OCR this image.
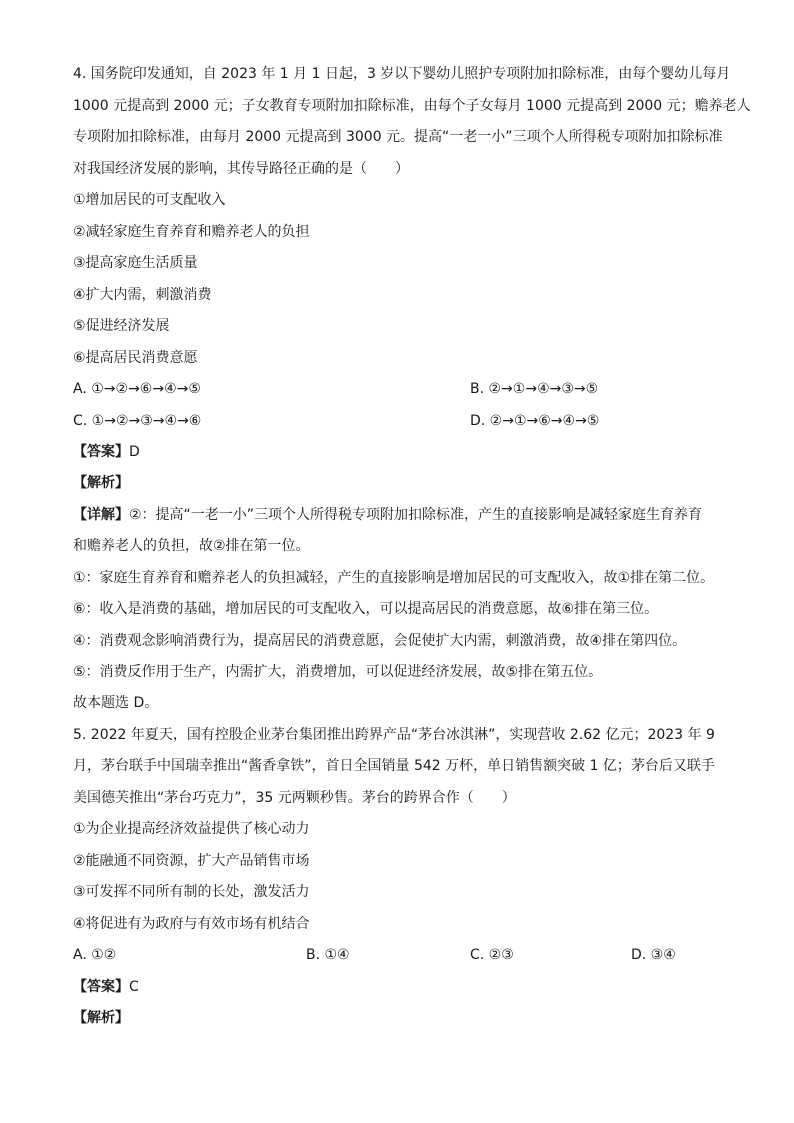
4. 国务院印发通知，自 2023 年 1 月 1 日起，3 岁以下婴幼儿照护专项附加扣除标准，由每个婴幼儿每月
1000 元提高到 2000 元；子女教育专项附加扣除标准，由每个子女每月 1000 元提高到 2000 元；赡养老人
专项附加扣除标准，由每月 2000 元提高到 3000 元。提高“一老一小”三项个人所得税专项附加扣除标准
对我国经济发展的影响，其传导路径正确的是（　　）
①增加居民的可支配收入
②减轻家庭生育养育和赡养老人的负担
③提高家庭生活质量
④扩大内需，刺激消费
⑤促进经济发展
⑥提高居民消费意愿
A. ①→②→⑥→④→⑤	B. ②→①→④→③→⑤
C. ①→②→③→④→⑥	D. ②→①→⑥→④→⑤
【答案】D
【解析】
【详解】②：提高“一老一小”三项个人所得税专项附加扣除标准，产生的直接影响是减轻家庭生育养育
和赡养老人的负担，故②排在第一位。
①：家庭生育养育和赡养老人的负担减轻，产生的直接影响是增加居民的可支配收入，故①排在第二位。
⑥：收入是消费的基础，增加居民的可支配收入，可以提高居民的消费意愿，故⑥排在第三位。
④：消费观念影响消费行为，提高居民的消费意愿，会促使扩大内需，刺激消费，故④排在第四位。
⑤：消费反作用于生产，内需扩大，消费增加，可以促进经济发展，故⑤排在第五位。
故本题选 D。
5. 2022 年夏天，国有控股企业茅台集团推出跨界产品“茅台冰淇淋”，实现营收 2.62 亿元；2023 年 9
月，茅台联手中国瑞幸推出“酱香拿铁”，首日全国销量 542 万杯，单日销售额突破 1 亿；茅台后又联手
美国德芙推出“茅台巧克力”，35 元两颗秒售。茅台的跨界合作（　　）
①为企业提高经济效益提供了核心动力
②能融通不同资源，扩大产品销售市场
③可发挥不同所有制的长处，激发活力
④将促进有为政府与有效市场有机结合
A. ①②	B. ①④	C. ②③	D. ③④
【答案】C
【解析】
